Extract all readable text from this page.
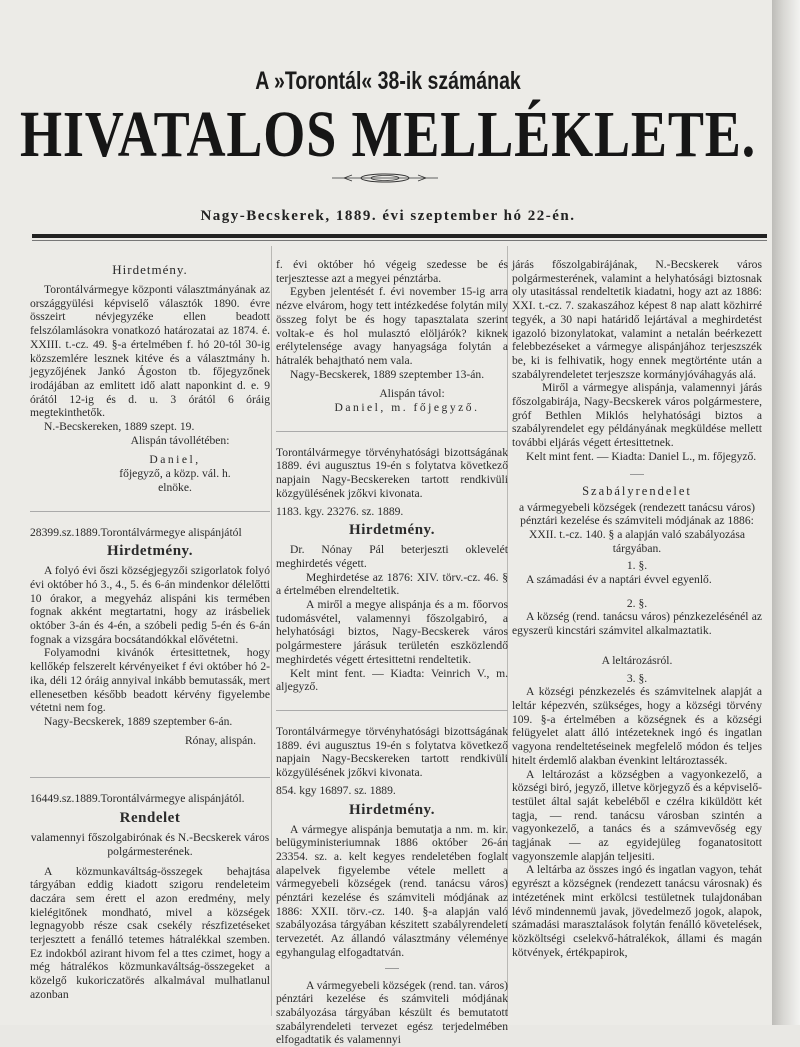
A »Torontál« 38-ik számának
HIVATALOS MELLÉKLETE.
Nagy-Becskerek, 1889. évi szeptember hó 22-én.
Hirdetmény.

Torontálvármegye központi választmányának az országgyülési képviselő választók 1890. évre összeirt névjegyzéke ellen beadott felszólamlásokra vonatkozó határozatai az 1874. é. XXIII. t.-cz. 49. §-a értelmében f. hó 20-tól 30-ig közszemlére lesznek kitéve és a választmány h. jegyzőjének Jankó Ágoston tb. főjegyzőnek irodájában az emlitett idő alatt naponkint d. e. 9 órától 12-ig és d. u. 3 órától 6 óráig megtekinthetők.

N.-Becskereken, 1889 szept. 19.

Alispán távollétében:

Daniel,

főjegyző, a közp. vál. h.

elnöke.

28399.sz.1889.Torontálvármegye alispánjától

Hirdetmény.

A folyó évi őszi községjegyzői szigorlatok folyó évi október hó 3., 4., 5. és 6-án mindenkor délelőtti 10 órakor, a megyeház alispáni kis termében fognak akként megtartatni, hogy az irásbeliek október 3-án és 4-én, a szóbeli pedig 5-én és 6-án fognak a vizsgára bocsátandókkal elővétetni.

Folyamodni kivánók értesittetnek, hogy kellőkép felszerelt kérvényeiket f évi október hó 2-ika, déli 12 óráig annyival inkább bemutassák, mert ellenesetben később beadott kérvény figyelembe vétetni nem fog.

Nagy-Becskerek, 1889 szeptember 6-án.

Rónay, alispán.

16449.sz.1889.Torontálvármegye alispánjától.

Rendelet

valamennyi főszolgabirónak és N.-Becskerek város polgármesterének.

A közmunkaváltság-összegek behajtása tárgyában eddig kiadott szigoru rendeleteim daczára sem érett el azon eredmény, mely kielégitőnek mondható, mivel a községek legnagyobb része csak csekély részfizetéseket terjesztett a fenálló tetemes hátralékkal szemben. Ez indokból azirant hivom fel a ttes czimet, hogy a még hátralékos közmunkaváltság-összegeket a közelgő kukoriczatörés alkalmával mulhatlanul azonban

f. évi október hó végeig szedesse be és terjesztesse azt a megyei pénztárba.

Egyben jelentését f. évi november 15-ig arra nézve elvárom, hogy tett intézkedése folytán mily összeg folyt be és hogy tapasztalata szerint voltak-e és hol mulasztó elöljárók? kiknek erélytelensége avagy hanyagsága folytán a hátralék behajtható nem vala.

Nagy-Becskerek, 1889 szeptember 13-án.

Alispán távol:

Daniel, m. főjegyző.

Torontálvármegye törvényhatósági bizottságának 1889. évi augusztus 19-én s folytatva következő napjain Nagy-Becskereken tartott rendkivüli közgyülésének jzőkvi kivonata.

1183. kgy. 23276. sz. 1889.

Hirdetmény.

Dr. Nónay Pál beterjeszti oklevelét meghirdetés végett.

Meghirdetése az 1876: XIV. törv.-cz. 46. § a értelmében elrendeltetik.

A miről a megye alispánja és a m. főorvos tudomásvétel, valamennyi főszolgabiró, a helyhatósági biztos, Nagy-Becskerek város polgármestere járásuk területén eszközlendő meghirdetés végett értesittetni rendeltetik.

Kelt mint fent. — Kiadta: Veinrich V., m. aljegyző.

Torontálvármegye törvényhatósági bizottságának 1889. évi augusztus 19-én s folytatva következő napjain Nagy-Becskereken tartott rendkivüli közgyülésének jzőkvi kivonata.

854. kgy 16897. sz. 1889.

Hirdetmény.

A vármegye alispánja bemutatja a nm. m. kir. belügyministeriumnak 1886 október 26-án 23354. sz. a. kelt kegyes rendeletében foglalt alapelvek figyelembe vétele mellett a vármegyebeli községek (rend. tanácsu város) pénztári kezelése és számviteli módjának az 1886: XXII. törv.-cz. 140. §-a alapján való szabályozása tárgyában készitett szabályrendeleti tervezetét. Az állandó választmány véleménye egyhangulag elfogadtatván.

A vármegyebeli községek (rend. tan. város) pénztári kezelése és számviteli módjának szabályozása tárgyában készült és bemutatott szabályrendeleti tervezet egész terjedelmében elfogadtatik és valamennyi

járás főszolgabirájának, N.-Becskerek város polgármesterének, valamint a helyhatósági biztosnak oly utasitással rendeltetik kiadatni, hogy azt az 1886: XXI. t.-cz. 7. szakaszához képest 8 nap alatt közhirré tegyék, a 30 napi határidő lejártával a meghirdetést igazoló bizonylatokat, valamint a netalán beérkezett felebbezéseket a vármegye alispánjához terjeszszék be, ki is felhivatik, hogy ennek megtörténte után a szabályrendeletet terjeszsze kormányjóváhagyás alá.

Miről a vármegye alispánja, valamennyi járás főszolgabirája, Nagy-Becskerek város polgármestere, gróf Bethlen Miklós helyhatósági biztos a szabályrendelet egy példányának megküldése mellett további eljárás végett értesittetnek.

Kelt mint fent. — Kiadta: Daniel L., m. főjegyző.

Szabályrendelet

a vármegyebeli községek (rendezett tanácsu város) pénztári kezelése és számviteli módjának az 1886: XXII. t.-cz. 140. § a alapján való szabályozása tárgyában.

1. §.

A számadási év a naptári évvel egyenlő.

2. §.

A község (rend. tanácsu város) pénzkezelésénél az egyszerü kincstári számvitel alkalmaztatik.

A leltározásról.

3. §.

A községi pénzkezelés és számvitelnek alapját a leltár képezvén, szükséges, hogy a községi törvény 109. §-a értelmében a községnek és a községi felügyelet alatt álló intézeteknek ingó és ingatlan vagyona rendeltetéseinek megfelelő módon és teljes hitelt érdemlő alakban évenkint leltároztassék.

A leltározást a községben a vagyonkezelő, a községi biró, jegyző, illetve körjegyző és a képviselő-testület által saját kebeléből e czélra kiküldött két tagja, — rend. tanácsu városban szintén a vagyonkezelő, a tanács és a számvevőség egy tagjának — az egyidejüleg foganatositott vagyonszemle alapján teljesiti.

A leltárba az összes ingó és ingatlan vagyon, tehát egyrészt a községnek (rendezett tanácsu városnak) és intézetének mint erkölcsi testületnek tulajdonában lévő mindennemü javak, jövedelmező jogok, alapok, számadási marasztalások folytán fenálló követelések, közköltségi cselekvő-hátralékok, állami és magán kötvények, értékpapirok,
